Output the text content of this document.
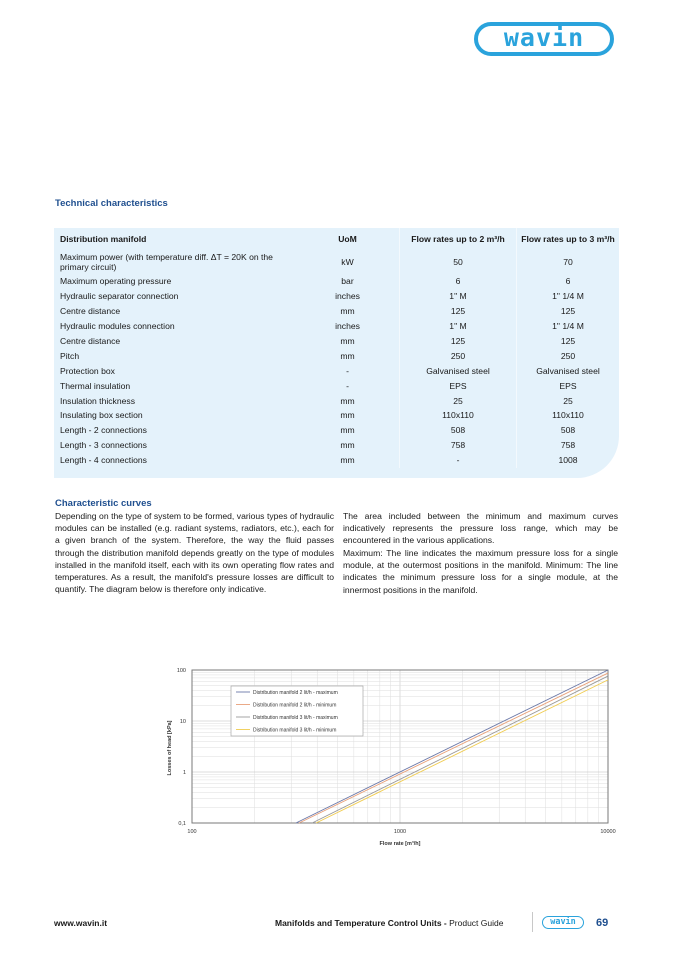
wavin
Technical characteristics
Distribution manifold	UoM	Flow rates up to 2 m³/h	Flow rates up to 3 m³/h
Maximum power (with temperature diff. ΔT = 20K on the primary circuit)	kW	50	70
Maximum operating pressure	bar	6	6
Hydraulic separator connection	inches	1" M	1" 1/4 M
Centre distance	mm	125	125
Hydraulic modules connection	inches	1" M	1" 1/4 M
Centre distance	mm	125	125
Pitch	mm	250	250
Protection box	-	Galvanised steel	Galvanised steel
Thermal insulation	-	EPS	EPS
Insulation thickness	mm	25	25
Insulating box section	mm	110x110	110x110
Length - 2 connections	mm	508	508
Length - 3 connections	mm	758	758
Length - 4 connections	mm	-	1008
Characteristic curves
Depending on the type of system to be formed, various types of hydraulic modules can be installed (e.g. radiant systems, radiators, etc.), each for a given branch of the system. Therefore, the way the fluid passes through the distribution manifold depends greatly on the type of modules installed in the manifold itself, each with its own operating flow rates and temperatures. As a result, the manifold's pressure losses are difficult to quantify. The diagram below is therefore only indicative.
The area included between the minimum and maximum curves indicatively represents the pressure loss range, which may be encountered in the various applications.
Maximum: The line indicates the maximum pressure loss for a single module, at the outermost positions in the manifold. Minimum: The line indicates the minimum pressure loss for a single module, at the innermost positions in the manifold.
100	1000	10000
0,1
1
10
100
Flow rate [m³/h]
Losses of head [kPa]
Distribution manifold 2 lit/h - maximum
Distribution manifold 2 lit/h - minimum
Distribution manifold 3 lit/h - maximum
Distribution manifold 3 lit/h - minimum
www.wavin.it	Manifolds and Temperature Control Units - Product Guide	wavin 69
